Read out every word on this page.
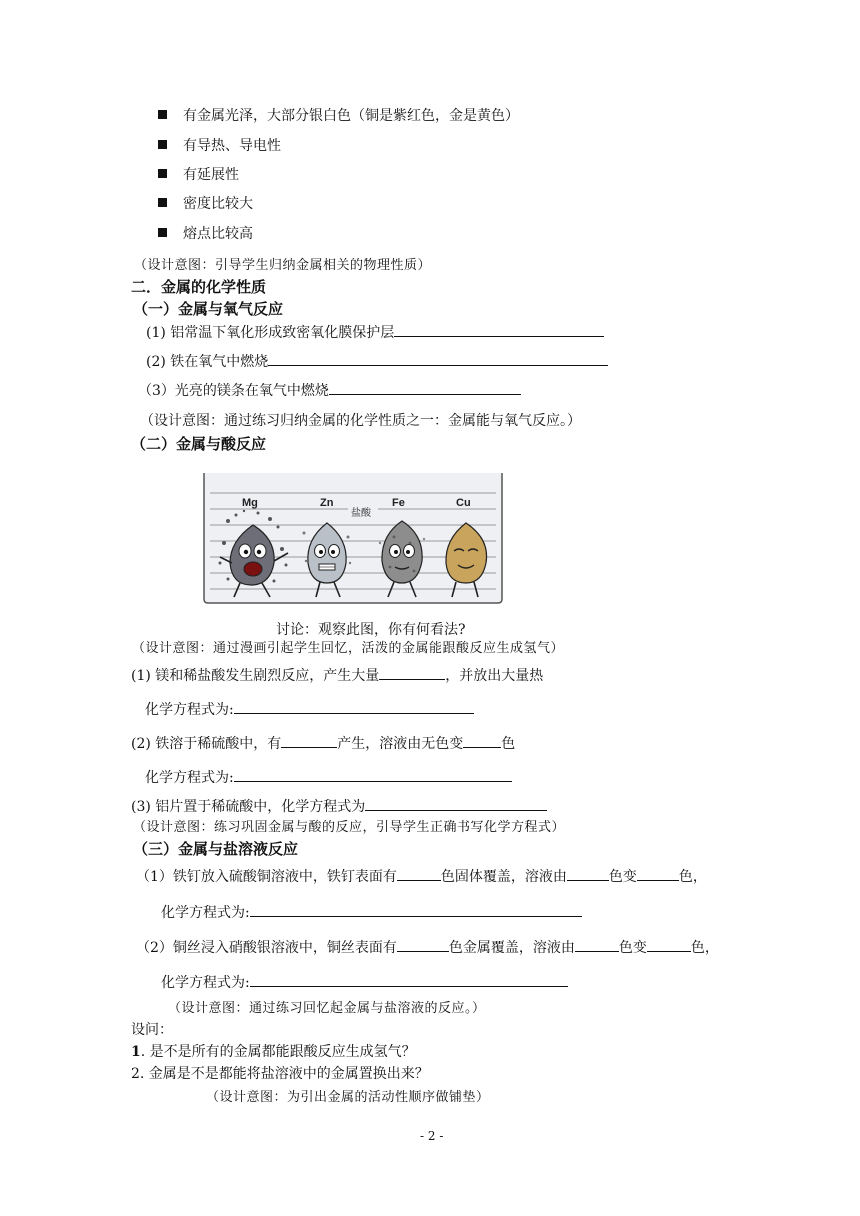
有金属光泽，大部分银白色（铜是紫红色，金是黄色）
有导热、导电性
有延展性
密度比较大
熔点比较高
（设计意图：引导学生归纳金属相关的物理性质）
二．金属的化学性质
（一）金属与氧气反应
(1) 铝常温下氧化形成致密氧化膜保护层
(2) 铁在氧气中燃烧
（3）光亮的镁条在氧气中燃烧
（设计意图：通过练习归纳金属的化学性质之一：金属能与氧气反应。）
（二）金属与酸反应
Mg	Zn	Fe	Cu
盐酸
讨论：观察此图，你有何看法?
（设计意图：通过漫画引起学生回忆，活泼的金属能跟酸反应生成氢气）
(1) 镁和稀盐酸发生剧烈反应，产生大量	，并放出大量热
化学方程式为:
(2) 铁溶于稀硫酸中，有	产生，溶液由无色变	色
化学方程式为:
(3) 铝片置于稀硫酸中，化学方程式为
（设计意图：练习巩固金属与酸的反应，引导学生正确书写化学方程式）
（三）金属与盐溶液反应
（1）铁钉放入硫酸铜溶液中，铁钉表面有	色固体覆盖，溶液由	色变	色，
化学方程式为:
（2）铜丝浸入硝酸银溶液中，铜丝表面有	色金属覆盖，溶液由	色变	色，
化学方程式为:
（设计意图：通过练习回忆起金属与盐溶液的反应。）
设问：
1. 是不是所有的金属都能跟酸反应生成氢气？
2. 金属是不是都能将盐溶液中的金属置换出来？
（设计意图：为引出金属的活动性顺序做铺垫）
- 2 -
